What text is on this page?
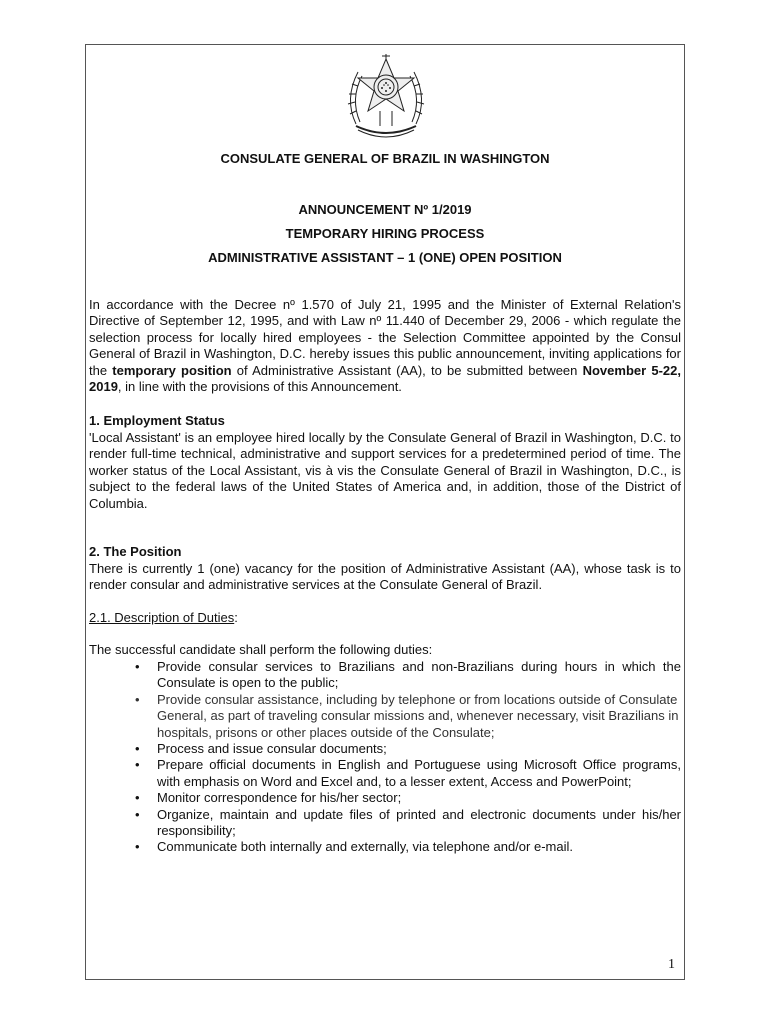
CONSULATE GENERAL OF BRAZIL IN WASHINGTON
ANNOUNCEMENT Nº 1/2019
TEMPORARY HIRING PROCESS
ADMINISTRATIVE ASSISTANT – 1 (ONE) OPEN POSITION
In accordance with the Decree nº 1.570 of July 21, 1995 and the Minister of External Relation's Directive of September 12, 1995, and with Law nº 11.440 of December 29, 2006 - which regulate the selection process for locally hired employees - the Selection Committee appointed by the Consul General of Brazil in Washington, D.C. hereby issues this public announcement, inviting applications for the temporary position of Administrative Assistant (AA), to be submitted between November 5-22, 2019, in line with the provisions of this Announcement.
1. Employment Status
'Local Assistant' is an employee hired locally by the Consulate General of Brazil in Washington, D.C. to render full-time technical, administrative and support services for a predetermined period of time. The worker status of the Local Assistant, vis à vis the Consulate General of Brazil in Washington, D.C., is subject to the federal laws of the United States of America and, in addition, those of the District of Columbia.
2. The Position
There is currently 1 (one) vacancy for the position of Administrative Assistant (AA), whose task is to render consular and administrative services at the Consulate General of Brazil.
2.1. Description of Duties:
The successful candidate shall perform the following duties:
• Provide consular services to Brazilians and non-Brazilians during hours in which the Consulate is open to the public;
• Provide consular assistance, including by telephone or from locations outside of Consulate General, as part of traveling consular missions and, whenever necessary, visit Brazilians in hospitals, prisons or other places outside of the Consulate;
• Process and issue consular documents;
• Prepare official documents in English and Portuguese using Microsoft Office programs, with emphasis on Word and Excel and, to a lesser extent, Access and PowerPoint;
• Monitor correspondence for his/her sector;
• Organize, maintain and update files of printed and electronic documents under his/her responsibility;
• Communicate both internally and externally, via telephone and/or e-mail.
1
